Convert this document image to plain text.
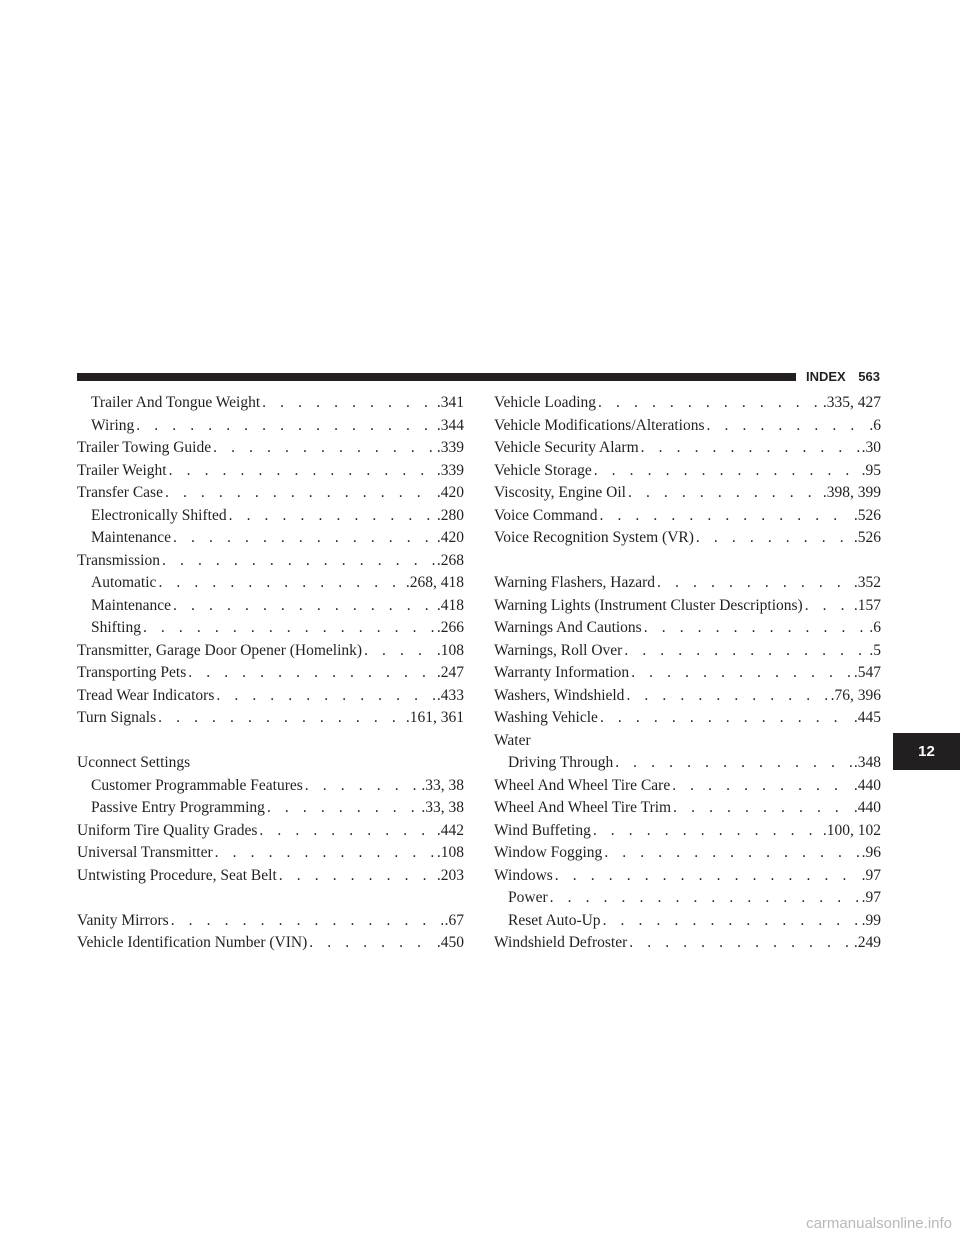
INDEX 563
Trailer And Tongue Weight . . .	.341
Wiring . . .	.344
Trailer Towing Guide . . .	.339
Trailer Weight . . .	.339
Transfer Case . . .	.420
Electronically Shifted . . .	.280
Maintenance . . .	.420
Transmission . . .	.268
Automatic . . .	.268, 418
Maintenance . . .	.418
Shifting . . .	.266
Transmitter, Garage Door Opener (Homelink) . . .	.108
Transporting Pets . . .	.247
Tread Wear Indicators . . .	.433
Turn Signals . . .	.161, 361
Uconnect Settings
Customer Programmable Features . . .	.33, 38
Passive Entry Programming . . .	.33, 38
Uniform Tire Quality Grades . . .	.442
Universal Transmitter . . .	.108
Untwisting Procedure, Seat Belt . . .	.203
Vanity Mirrors . . .	.67
Vehicle Identification Number (VIN) . . .	.450
Vehicle Loading . . .	.335, 427
Vehicle Modifications/Alterations . . .	.6
Vehicle Security Alarm . . .	.30
Vehicle Storage . . .	.95
Viscosity, Engine Oil . . .	.398, 399
Voice Command . . .	.526
Voice Recognition System (VR) . . .	.526
Warning Flashers, Hazard . . .	.352
Warning Lights (Instrument Cluster Descriptions) . . .	.157
Warnings And Cautions . . .	.6
Warnings, Roll Over . . .	.5
Warranty Information . . .	.547
Washers, Windshield . . .	.76, 396
Washing Vehicle . . .	.445
Water
Driving Through . . .	.348
Wheel And Wheel Tire Care . . .	.440
Wheel And Wheel Tire Trim . . .	.440
Wind Buffeting . . .	.100, 102
Window Fogging . . .	.96
Windows . . .	.97
Power . . .	.97
Reset Auto-Up . . .	.99
Windshield Defroster . . .	.249
12
carmanualsonline.info
